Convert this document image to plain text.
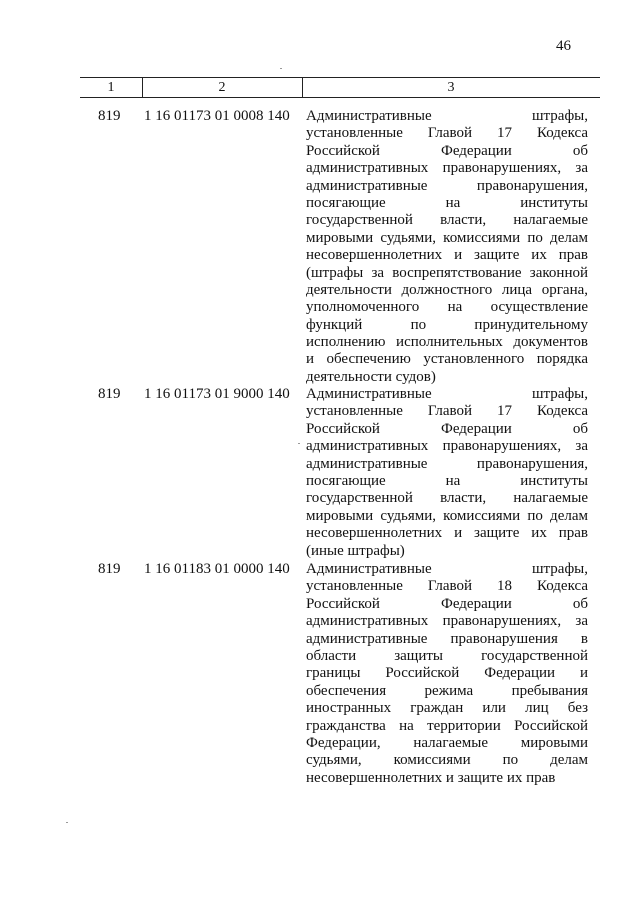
46
1	2	3
819 1 16 01173 01 0008 140 Административные штрафы,
установленные Главой 17 Кодекса
Российской Федерации об
административных правонарушениях, за
административные правонарушения,
посягающие на институты
государственной власти, налагаемые
мировыми судьями, комиссиями по делам
несовершеннолетних и защите их прав
(штрафы за воспрепятствование законной
деятельности должностного лица органа,
уполномоченного на осуществление
функций по принудительному
исполнению исполнительных документов
и обеспечению установленного порядка
деятельности судов)
819 1 16 01173 01 9000 140 Административные штрафы,
установленные Главой 17 Кодекса
Российской Федерации об
административных правонарушениях, за
административные правонарушения,
посягающие на институты
государственной власти, налагаемые
мировыми судьями, комиссиями по делам
несовершеннолетних и защите их прав
(иные штрафы)
819 1 16 01183 01 0000 140 Административные штрафы,
установленные Главой 18 Кодекса
Российской Федерации об
административных правонарушениях, за
административные правонарушения в
области защиты государственной
границы Российской Федерации и
обеспечения режима пребывания
иностранных граждан или лиц без
гражданства на территории Российской
Федерации, налагаемые мировыми
судьями, комиссиями по делам
несовершеннолетних и защите их прав
